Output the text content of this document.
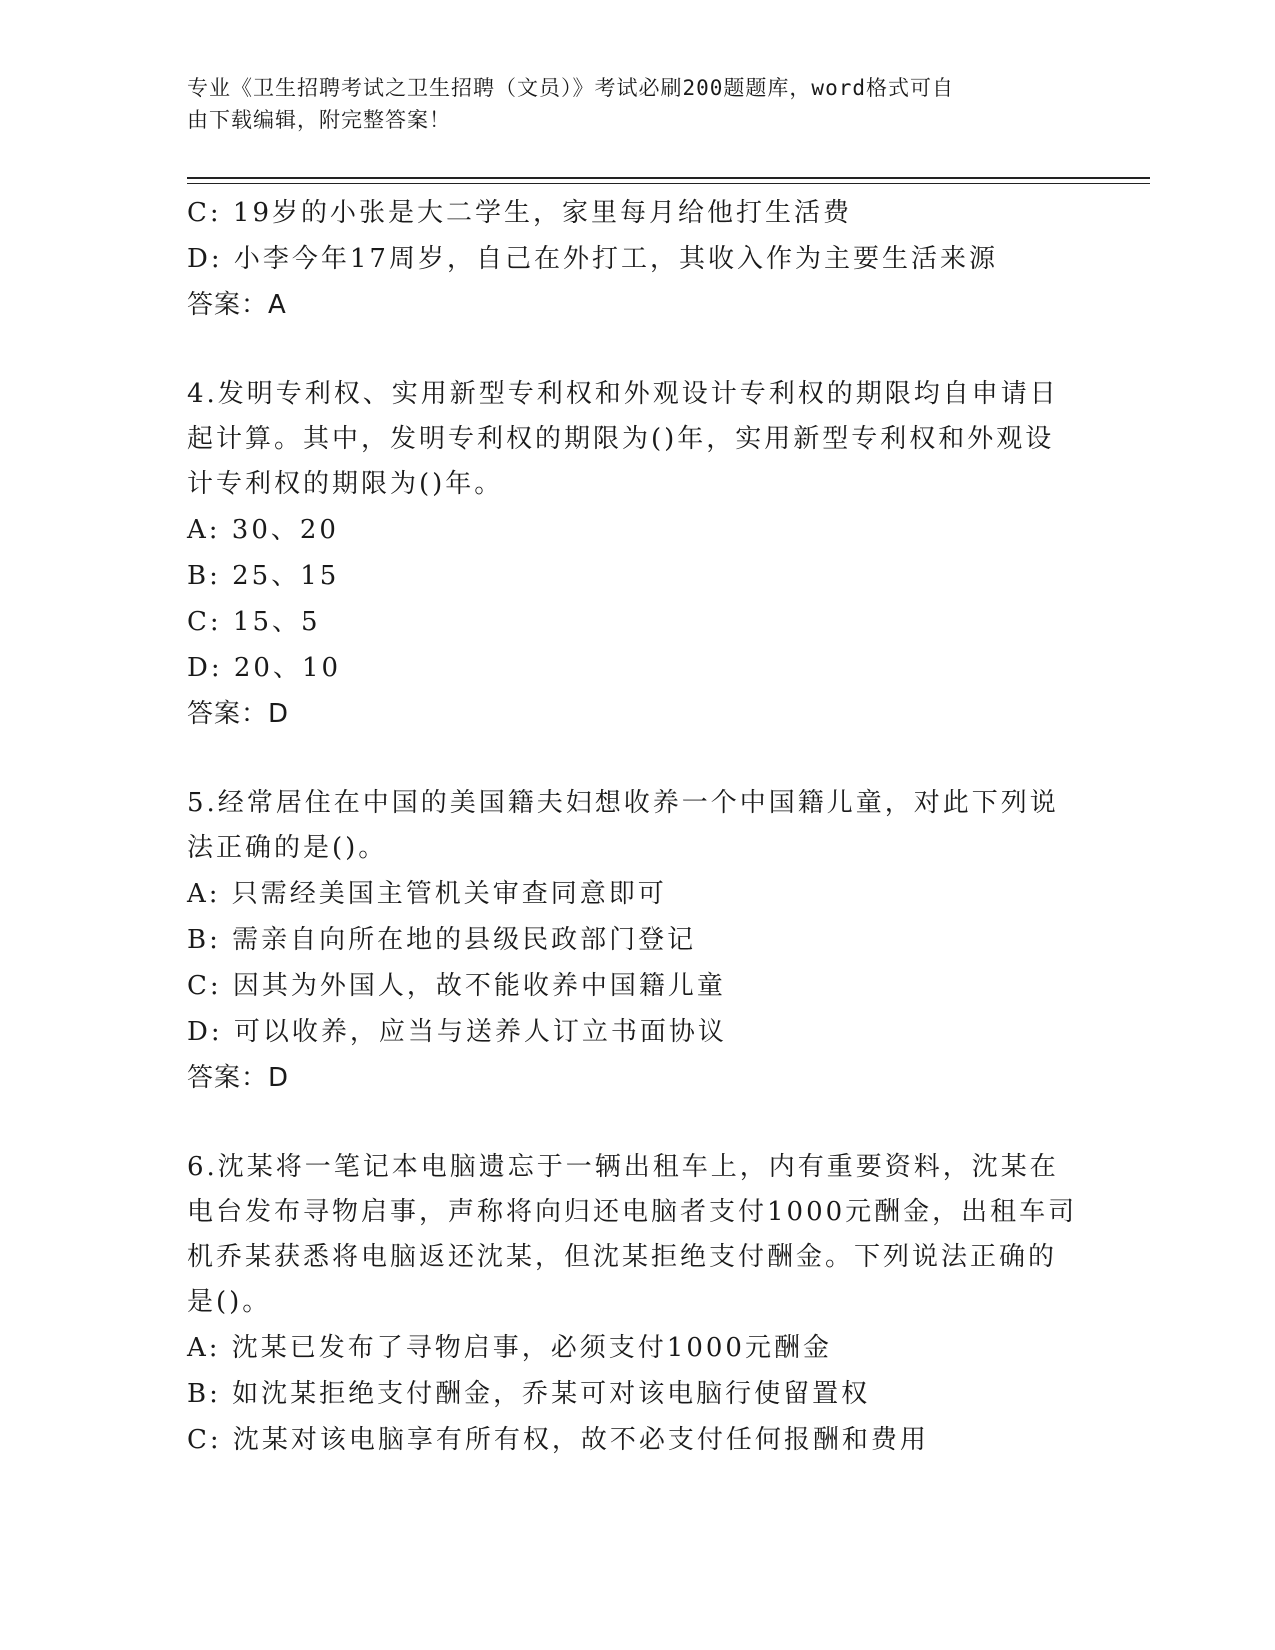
专业《卫生招聘考试之卫生招聘（文员）》考试必刷200题题库，word格式可自
由下载编辑，附完整答案！
C: 19岁的小张是大二学生，家里每月给他打生活费
D: 小李今年17周岁，自己在外打工，其收入作为主要生活来源
答案：A
4.发明专利权、实用新型专利权和外观设计专利权的期限均自申请日
起计算。其中，发明专利权的期限为()年，实用新型专利权和外观设
计专利权的期限为()年。
A: 30、20
B: 25、15
C: 15、5
D: 20、10
答案：D
5.经常居住在中国的美国籍夫妇想收养一个中国籍儿童，对此下列说
法正确的是()。
A: 只需经美国主管机关审查同意即可
B: 需亲自向所在地的县级民政部门登记
C: 因其为外国人，故不能收养中国籍儿童
D: 可以收养，应当与送养人订立书面协议
答案：D
6.沈某将一笔记本电脑遗忘于一辆出租车上，内有重要资料，沈某在
电台发布寻物启事，声称将向归还电脑者支付1000元酬金，出租车司
机乔某获悉将电脑返还沈某，但沈某拒绝支付酬金。下列说法正确的
是()。
A: 沈某已发布了寻物启事，必须支付1000元酬金
B: 如沈某拒绝支付酬金，乔某可对该电脑行使留置权
C: 沈某对该电脑享有所有权，故不必支付任何报酬和费用
